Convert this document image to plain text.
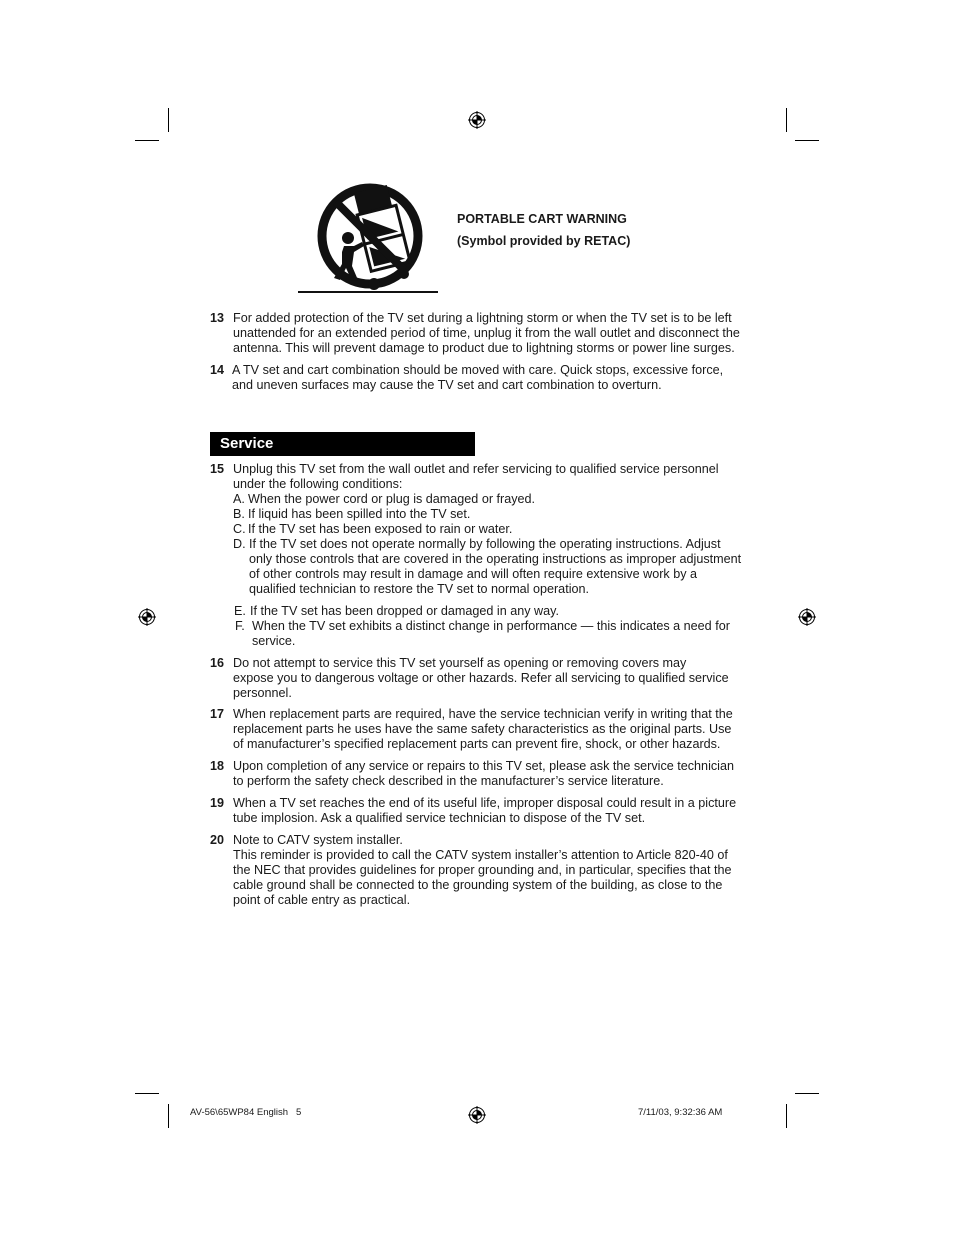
PORTABLE CART WARNING
(Symbol provided by RETAC)
13 For added protection of the TV set during a lightning storm or when the TV set is to be left
unattended for an extended period of time, unplug it from the wall outlet and disconnect the
antenna. This will prevent damage to product due to lightning storms or power line surges.
14 A TV set and cart combination should be moved with care. Quick stops, excessive force,
and uneven surfaces may cause the TV set and cart combination to overturn.
Service
15 Unplug this TV set from the wall outlet and refer servicing to qualified service personnel
under the following conditions:
A. When the power cord or plug is damaged or frayed.
B. If liquid has been spilled into the TV set.
C. If the TV set has been exposed to rain or water.
D. If the TV set does not operate normally by following the operating instructions. Adjust
only those controls that are covered in the operating instructions as improper adjustment
of other controls may result in damage and will often require extensive work by a
qualified technician to restore the TV set to normal operation.
E. If the TV set has been dropped or damaged in any way.
F. When the TV set exhibits a distinct change in performance — this indicates a need for
service.
16 Do not attempt to service this TV set yourself as opening or removing covers may
expose you to dangerous voltage or other hazards. Refer all servicing to qualified service
personnel.
17 When replacement parts are required, have the service technician verify in writing that the
replacement parts he uses have the same safety characteristics as the original parts. Use
of manufacturer’s specified replacement parts can prevent fire, shock, or other hazards.
18 Upon completion of any service or repairs to this TV set, please ask the service technician
to perform the safety check described in the manufacturer’s service literature.
19 When a TV set reaches the end of its useful life, improper disposal could result in a picture
tube implosion. Ask a qualified service technician to dispose of the TV set.
20 Note to CATV system installer.
This reminder is provided to call the CATV system installer’s attention to Article 820-40 of
the NEC that provides guidelines for proper grounding and, in particular, specifies that the
cable ground shall be connected to the grounding system of the building, as close to the
point of cable entry as practical.
AV-56\65WP84 English   5	7/11/03, 9:32:36 AM
